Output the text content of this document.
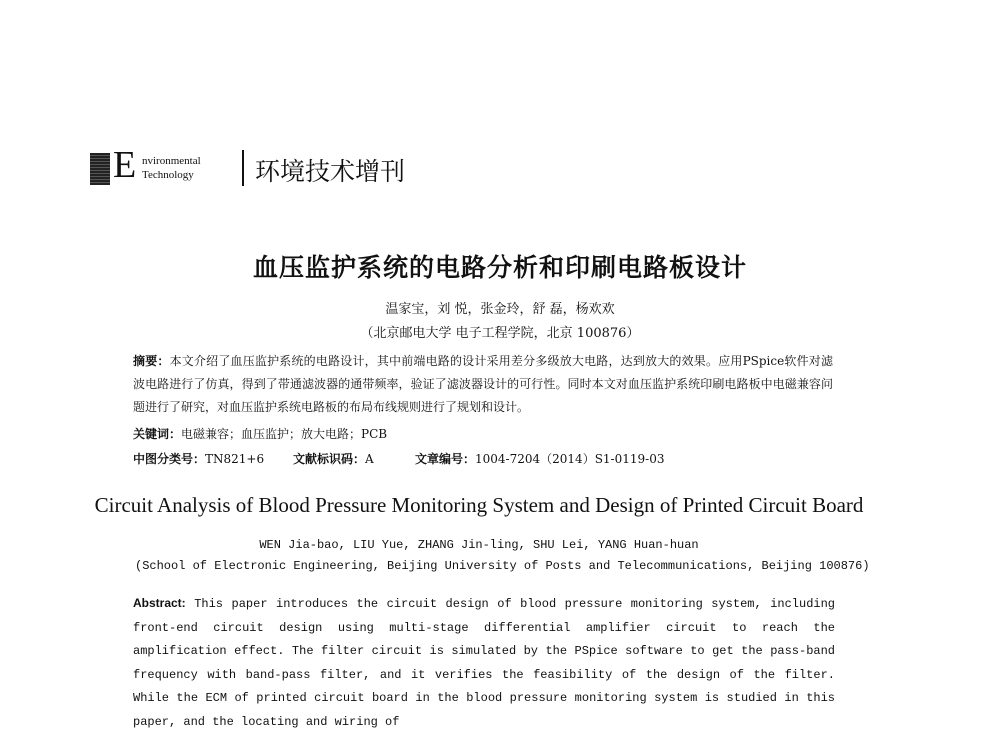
E nvironmental
Technology 环境技术增刊
血压监护系统的电路分析和印刷电路板设计
温家宝，刘 悦，张金玲，舒 磊，杨欢欢
（北京邮电大学 电子工程学院，北京 100876）
摘要：本文介绍了血压监护系统的电路设计，其中前端电路的设计采用差分多级放大电路，达到放大的效果。应用PSpice软件对滤波电路进行了仿真，得到了带通滤波器的通带频率，验证了滤波器设计的可行性。同时本文对血压监护系统印刷电路板中电磁兼容问题进行了研究，对血压监护系统电路板的布局布线规则进行了规划和设计。
关键词：电磁兼容；血压监护；放大电路；PCB
中图分类号：TN821+6 文献标识码：A	文章编号：1004-7204（2014）S1-0119-03
Circuit Analysis of Blood Pressure Monitoring System and Design of Printed Circuit Board
WEN Jia-bao, LIU Yue, ZHANG Jin-ling, SHU Lei, YANG Huan-huan
(School of Electronic Engineering, Beijing University of Posts and Telecommunications, Beijing 100876)
Abstract: This paper introduces the circuit design of blood pressure monitoring system, including front-end circuit design using multi-stage differential amplifier circuit to reach the amplification effect. The filter circuit is simulated by the PSpice software to get the pass-band frequency with band-pass filter, and it verifies the feasibility of the design of the filter. While the ECM of printed circuit board in the blood pressure monitoring system is studied in this paper, and the locating and wiring of
